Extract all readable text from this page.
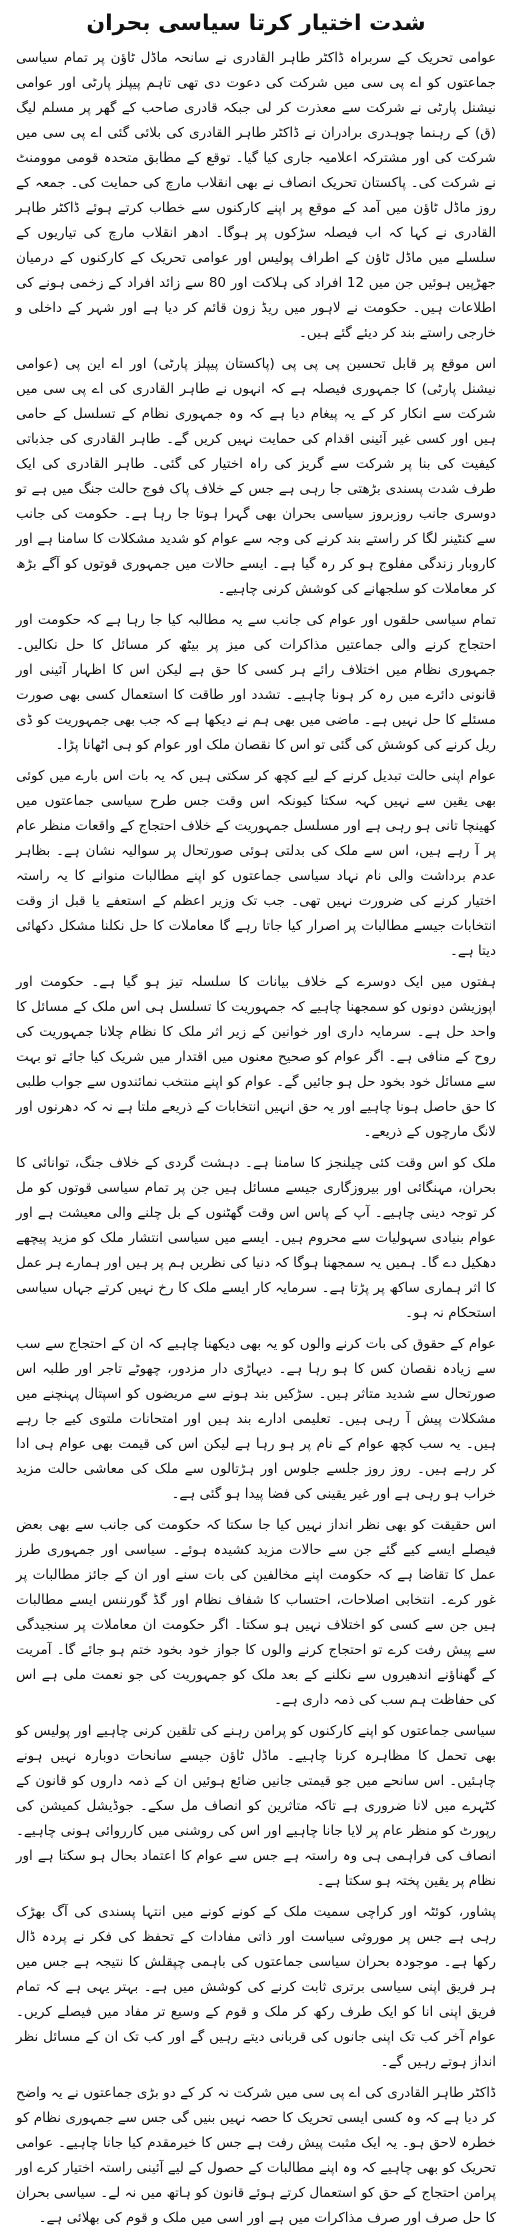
شدت اختیار کرتا سیاسی بحران

عوامی تحریک کے سربراہ ڈاکٹر طاہر القادری نے سانحہ ماڈل ٹاؤن پر تمام سیاسی جماعتوں کو اے پی سی میں شرکت کی دعوت دی تھی تاہم پیپلز پارٹی اور عوامی نیشنل پارٹی نے شرکت سے معذرت کر لی جبکہ قادری صاحب کے گھر پر مسلم لیگ (ق) کے رہنما چوہدری برادران نے ڈاکٹر طاہر القادری کی بلائی گئی اے پی سی میں شرکت کی اور مشترکہ اعلامیہ جاری کیا گیا۔ توقع کے مطابق متحدہ قومی موومنٹ نے شرکت کی۔ پاکستان تحریک انصاف نے بھی انقلاب مارچ کی حمایت کی۔ جمعہ کے روز ماڈل ٹاؤن میں آمد کے موقع پر اپنے کارکنوں سے خطاب کرتے ہوئے ڈاکٹر طاہر القادری نے کہا کہ اب فیصلہ سڑکوں پر ہوگا۔ ادھر انقلاب مارچ کی تیاریوں کے سلسلے میں ماڈل ٹاؤن کے اطراف پولیس اور عوامی تحریک کے کارکنوں کے درمیان جھڑپیں ہوئیں جن میں 12 افراد کی ہلاکت اور 80 سے زائد افراد کے زخمی ہونے کی اطلاعات ہیں۔ حکومت نے لاہور میں ریڈ زون قائم کر دیا ہے اور شہر کے داخلی و خارجی راستے بند کر دیئے گئے ہیں۔

اس موقع پر قابل تحسین پی پی پی (پاکستان پیپلز پارٹی) اور اے این پی (عوامی نیشنل پارٹی) کا جمہوری فیصلہ ہے کہ انہوں نے طاہر القادری کی اے پی سی میں شرکت سے انکار کر کے یہ پیغام دیا ہے کہ وہ جمہوری نظام کے تسلسل کے حامی ہیں اور کسی غیر آئینی اقدام کی حمایت نہیں کریں گے۔ طاہر القادری کی جذباتی کیفیت کی بنا پر شرکت سے گریز کی راہ اختیار کی گئی۔ طاہر القادری کی ایک طرف شدت پسندی بڑھتی جا رہی ہے جس کے خلاف پاک فوج حالت جنگ میں ہے تو دوسری جانب روزبروز سیاسی بحران بھی گہرا ہوتا جا رہا ہے۔ حکومت کی جانب سے کنٹینر لگا کر راستے بند کرنے کی وجہ سے عوام کو شدید مشکلات کا سامنا ہے اور کاروبار زندگی مفلوج ہو کر رہ گیا ہے۔ ایسے حالات میں جمہوری قوتوں کو آگے بڑھ کر معاملات کو سلجھانے کی کوشش کرنی چاہیے۔

تمام سیاسی حلقوں اور عوام کی جانب سے یہ مطالبہ کیا جا رہا ہے کہ حکومت اور احتجاج کرنے والی جماعتیں مذاکرات کی میز پر بیٹھ کر مسائل کا حل نکالیں۔ جمہوری نظام میں اختلاف رائے ہر کسی کا حق ہے لیکن اس کا اظہار آئینی اور قانونی دائرے میں رہ کر ہونا چاہیے۔ تشدد اور طاقت کا استعمال کسی بھی صورت مسئلے کا حل نہیں ہے۔ ماضی میں بھی ہم نے دیکھا ہے کہ جب بھی جمہوریت کو ڈی ریل کرنے کی کوشش کی گئی تو اس کا نقصان ملک اور عوام کو ہی اٹھانا پڑا۔

عوام اپنی حالت تبدیل کرنے کے لیے کچھ کر سکتی ہیں کہ یہ بات اس بارے میں کوئی بھی یقین سے نہیں کہہ سکتا کیونکہ اس وقت جس طرح سیاسی جماعتوں میں کھینچا تانی ہو رہی ہے اور مسلسل جمہوریت کے خلاف احتجاج کے واقعات منظر عام پر آ رہے ہیں، اس سے ملک کی بدلتی ہوئی صورتحال پر سوالیہ نشان ہے۔ بظاہر عدم برداشت والی نام نہاد سیاسی جماعتوں کو اپنے مطالبات منوانے کا یہ راستہ اختیار کرنے کی ضرورت نہیں تھی۔ جب تک وزیر اعظم کے استعفے یا قبل از وقت انتخابات جیسے مطالبات پر اصرار کیا جاتا رہے گا معاملات کا حل نکلنا مشکل دکھائی دیتا ہے۔

ہفتوں میں ایک دوسرے کے خلاف بیانات کا سلسلہ تیز ہو گیا ہے۔ حکومت اور اپوزیشن دونوں کو سمجھنا چاہیے کہ جمہوریت کا تسلسل ہی اس ملک کے مسائل کا واحد حل ہے۔ سرمایہ داری اور خوانین کے زیر اثر ملک کا نظام چلانا جمہوریت کی روح کے منافی ہے۔ اگر عوام کو صحیح معنوں میں اقتدار میں شریک کیا جائے تو بہت سے مسائل خود بخود حل ہو جائیں گے۔ عوام کو اپنے منتخب نمائندوں سے جواب طلبی کا حق حاصل ہونا چاہیے اور یہ حق انہیں انتخابات کے ذریعے ملتا ہے نہ کہ دھرنوں اور لانگ مارچوں کے ذریعے۔

ملک کو اس وقت کئی چیلنجز کا سامنا ہے۔ دہشت گردی کے خلاف جنگ، توانائی کا بحران، مہنگائی اور بیروزگاری جیسے مسائل ہیں جن پر تمام سیاسی قوتوں کو مل کر توجہ دینی چاہیے۔ آپ کے پاس اس وقت گھٹنوں کے بل چلنے والی معیشت ہے اور عوام بنیادی سہولیات سے محروم ہیں۔ ایسے میں سیاسی انتشار ملک کو مزید پیچھے دھکیل دے گا۔ ہمیں یہ سمجھنا ہوگا کہ دنیا کی نظریں ہم پر ہیں اور ہمارے ہر عمل کا اثر ہماری ساکھ پر پڑتا ہے۔ سرمایہ کار ایسے ملک کا رخ نہیں کرتے جہاں سیاسی استحکام نہ ہو۔

عوام کے حقوق کی بات کرنے والوں کو یہ بھی دیکھنا چاہیے کہ ان کے احتجاج سے سب سے زیادہ نقصان کس کا ہو رہا ہے۔ دیہاڑی دار مزدور، چھوٹے تاجر اور طلبہ اس صورتحال سے شدید متاثر ہیں۔ سڑکیں بند ہونے سے مریضوں کو اسپتال پہنچنے میں مشکلات پیش آ رہی ہیں۔ تعلیمی ادارے بند ہیں اور امتحانات ملتوی کیے جا رہے ہیں۔ یہ سب کچھ عوام کے نام پر ہو رہا ہے لیکن اس کی قیمت بھی عوام ہی ادا کر رہے ہیں۔ روز روز جلسے جلوس اور ہڑتالوں سے ملک کی معاشی حالت مزید خراب ہو رہی ہے اور غیر یقینی کی فضا پیدا ہو گئی ہے۔

اس حقیقت کو بھی نظر انداز نہیں کیا جا سکتا کہ حکومت کی جانب سے بھی بعض فیصلے ایسے کیے گئے جن سے حالات مزید کشیدہ ہوئے۔ سیاسی اور جمہوری طرز عمل کا تقاضا ہے کہ حکومت اپنے مخالفین کی بات سنے اور ان کے جائز مطالبات پر غور کرے۔ انتخابی اصلاحات، احتساب کا شفاف نظام اور گڈ گورننس ایسے مطالبات ہیں جن سے کسی کو اختلاف نہیں ہو سکتا۔ اگر حکومت ان معاملات پر سنجیدگی سے پیش رفت کرے تو احتجاج کرنے والوں کا جواز خود بخود ختم ہو جائے گا۔ آمریت کے گھناؤنے اندھیروں سے نکلنے کے بعد ملک کو جمہوریت کی جو نعمت ملی ہے اس کی حفاظت ہم سب کی ذمہ داری ہے۔

سیاسی جماعتوں کو اپنے کارکنوں کو پرامن رہنے کی تلقین کرنی چاہیے اور پولیس کو بھی تحمل کا مظاہرہ کرنا چاہیے۔ ماڈل ٹاؤن جیسے سانحات دوبارہ نہیں ہونے چاہئیں۔ اس سانحے میں جو قیمتی جانیں ضائع ہوئیں ان کے ذمہ داروں کو قانون کے کٹہرے میں لانا ضروری ہے تاکہ متاثرین کو انصاف مل سکے۔ جوڈیشل کمیشن کی رپورٹ کو منظر عام پر لایا جانا چاہیے اور اس کی روشنی میں کارروائی ہونی چاہیے۔ انصاف کی فراہمی ہی وہ راستہ ہے جس سے عوام کا اعتماد بحال ہو سکتا ہے اور نظام پر یقین پختہ ہو سکتا ہے۔

پشاور، کوئٹہ اور کراچی سمیت ملک کے کونے کونے میں انتہا پسندی کی آگ بھڑک رہی ہے جس پر موروثی سیاست اور ذاتی مفادات کے تحفظ کی فکر نے پردہ ڈال رکھا ہے۔ موجودہ بحران سیاسی جماعتوں کی باہمی چپقلش کا نتیجہ ہے جس میں ہر فریق اپنی سیاسی برتری ثابت کرنے کی کوشش میں ہے۔ بہتر یہی ہے کہ تمام فریق اپنی انا کو ایک طرف رکھ کر ملک و قوم کے وسیع تر مفاد میں فیصلے کریں۔ عوام آخر کب تک اپنی جانوں کی قربانی دیتے رہیں گے اور کب تک ان کے مسائل نظر انداز ہوتے رہیں گے۔

ڈاکٹر طاہر القادری کی اے پی سی میں شرکت نہ کر کے دو بڑی جماعتوں نے یہ واضح کر دیا ہے کہ وہ کسی ایسی تحریک کا حصہ نہیں بنیں گی جس سے جمہوری نظام کو خطرہ لاحق ہو۔ یہ ایک مثبت پیش رفت ہے جس کا خیرمقدم کیا جانا چاہیے۔ عوامی تحریک کو بھی چاہیے کہ وہ اپنے مطالبات کے حصول کے لیے آئینی راستہ اختیار کرے اور پرامن احتجاج کے حق کو استعمال کرتے ہوئے قانون کو ہاتھ میں نہ لے۔ سیاسی بحران کا حل صرف اور صرف مذاکرات میں ہے اور اسی میں ملک و قوم کی بھلائی ہے۔
